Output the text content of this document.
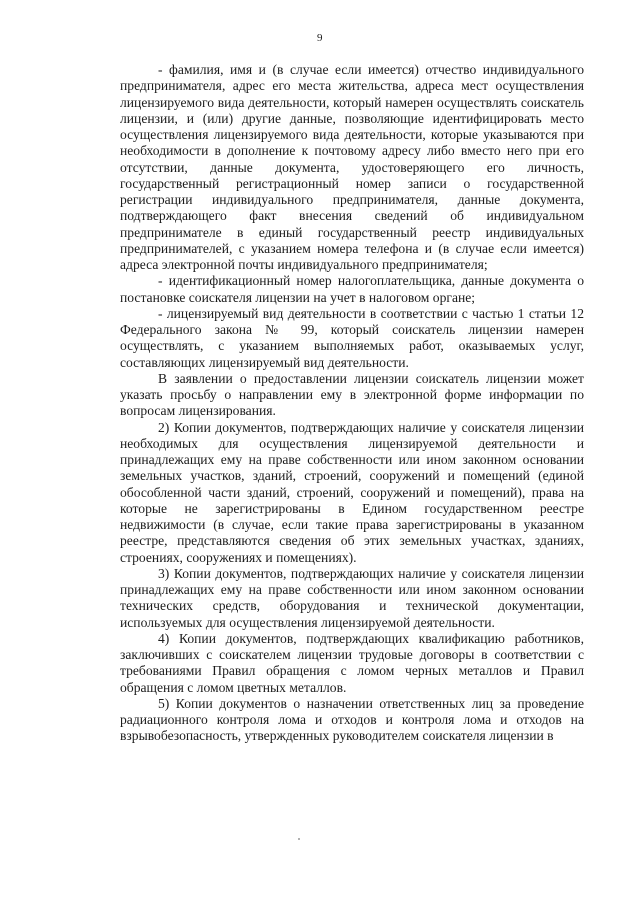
9

- фамилия, имя и (в случае если имеется) отчество индивидуального предпринимателя, адрес его места жительства, адреса мест осуществления лицензируемого вида деятельности, который намерен осуществлять соискатель лицензии, и (или) другие данные, позволяющие идентифицировать место осуществления лицензируемого вида деятельности, которые указываются при необходимости в дополнение к почтовому адресу либо вместо него при его отсутствии, данные документа, удостоверяющего его личность, государственный регистрационный номер записи о государственной регистрации индивидуального предпринимателя, данные документа, подтверждающего факт внесения сведений об индивидуальном предпринимателе в единый государственный реестр индивидуальных предпринимателей, с указанием номера телефона и (в случае если имеется) адреса электронной почты индивидуального предпринимателя;

- идентификационный номер налогоплательщика, данные документа о постановке соискателя лицензии на учет в налоговом органе;

- лицензируемый вид деятельности в соответствии с частью 1 статьи 12 Федерального закона № 99, который соискатель лицензии намерен осуществлять, с указанием выполняемых работ, оказываемых услуг, составляющих лицензируемый вид деятельности.

В заявлении о предоставлении лицензии соискатель лицензии может указать просьбу о направлении ему в электронной форме информации по вопросам лицензирования.

2) Копии документов, подтверждающих наличие у соискателя лицензии необходимых для осуществления лицензируемой деятельности и принадлежащих ему на праве собственности или ином законном основании земельных участков, зданий, строений, сооружений и помещений (единой обособленной части зданий, строений, сооружений и помещений), права на которые не зарегистрированы в Едином государственном реестре недвижимости (в случае, если такие права зарегистрированы в указанном реестре, представляются сведения об этих земельных участках, зданиях, строениях, сооружениях и помещениях).

3) Копии документов, подтверждающих наличие у соискателя лицензии принадлежащих ему на праве собственности или ином законном основании технических средств, оборудования и технической документации, используемых для осуществления лицензируемой деятельности.

4) Копии документов, подтверждающих квалификацию работников, заключивших с соискателем лицензии трудовые договоры в соответствии с требованиями Правил обращения с ломом черных металлов и Правил обращения с ломом цветных металлов.

5) Копии документов о назначении ответственных лиц за проведение радиационного контроля лома и отходов и контроля лома и отходов на взрывобезопасность, утвержденных руководителем соискателя лицензии в
